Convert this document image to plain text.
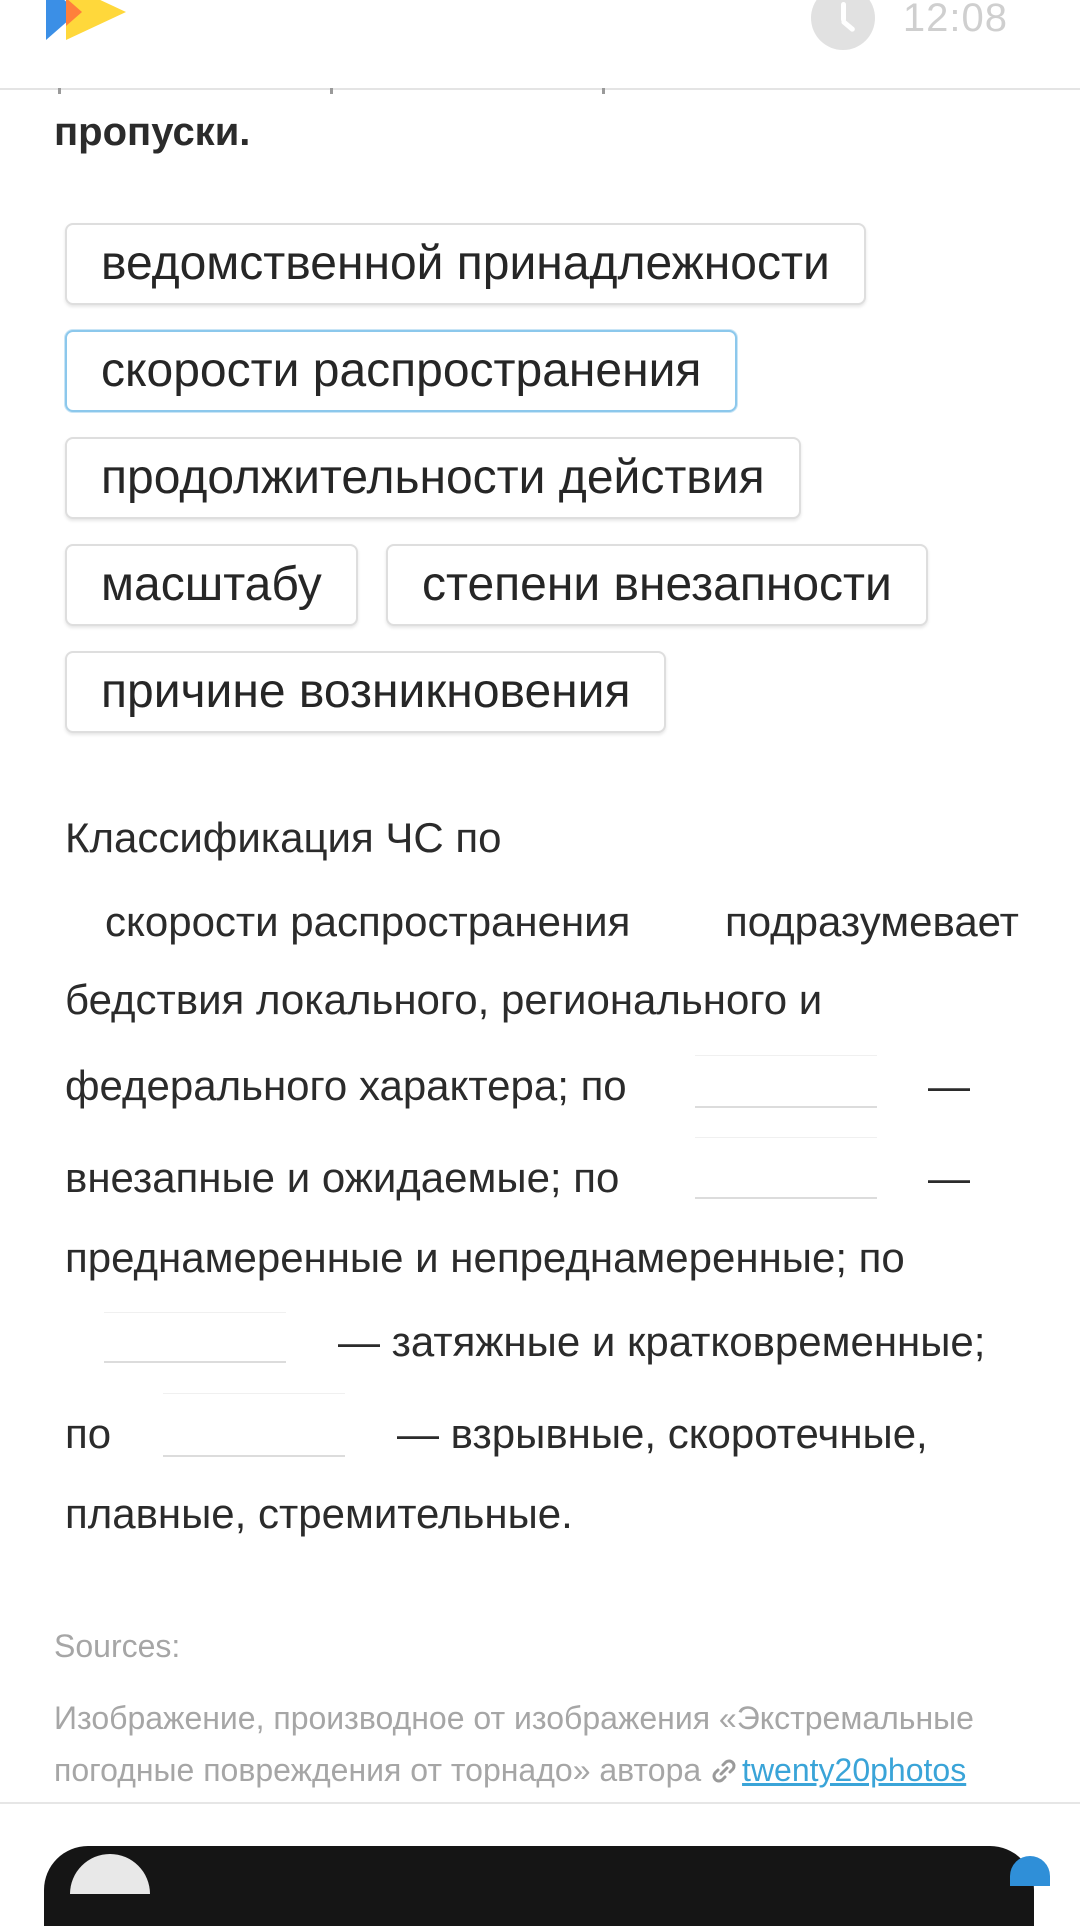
12:08
пропуски.
ведомственной принадлежности
скорости распространения
продолжительности действия
масштабу	степени внезапности
причине возникновения
Классификация ЧС по
скорости распространения подразумевает
бедствия локального, регионального и
федерального характера; по	—
внезапные и ожидаемые; по	—
преднамеренные и непреднамеренные; по
— затяжные и кратковременные;
по	— взрывные, скоротечные,
плавные, стремительные.
Sources:
Изображение, производное от изображения «Экстремальные
погодные повреждения от торнадо» автора twenty20photos
